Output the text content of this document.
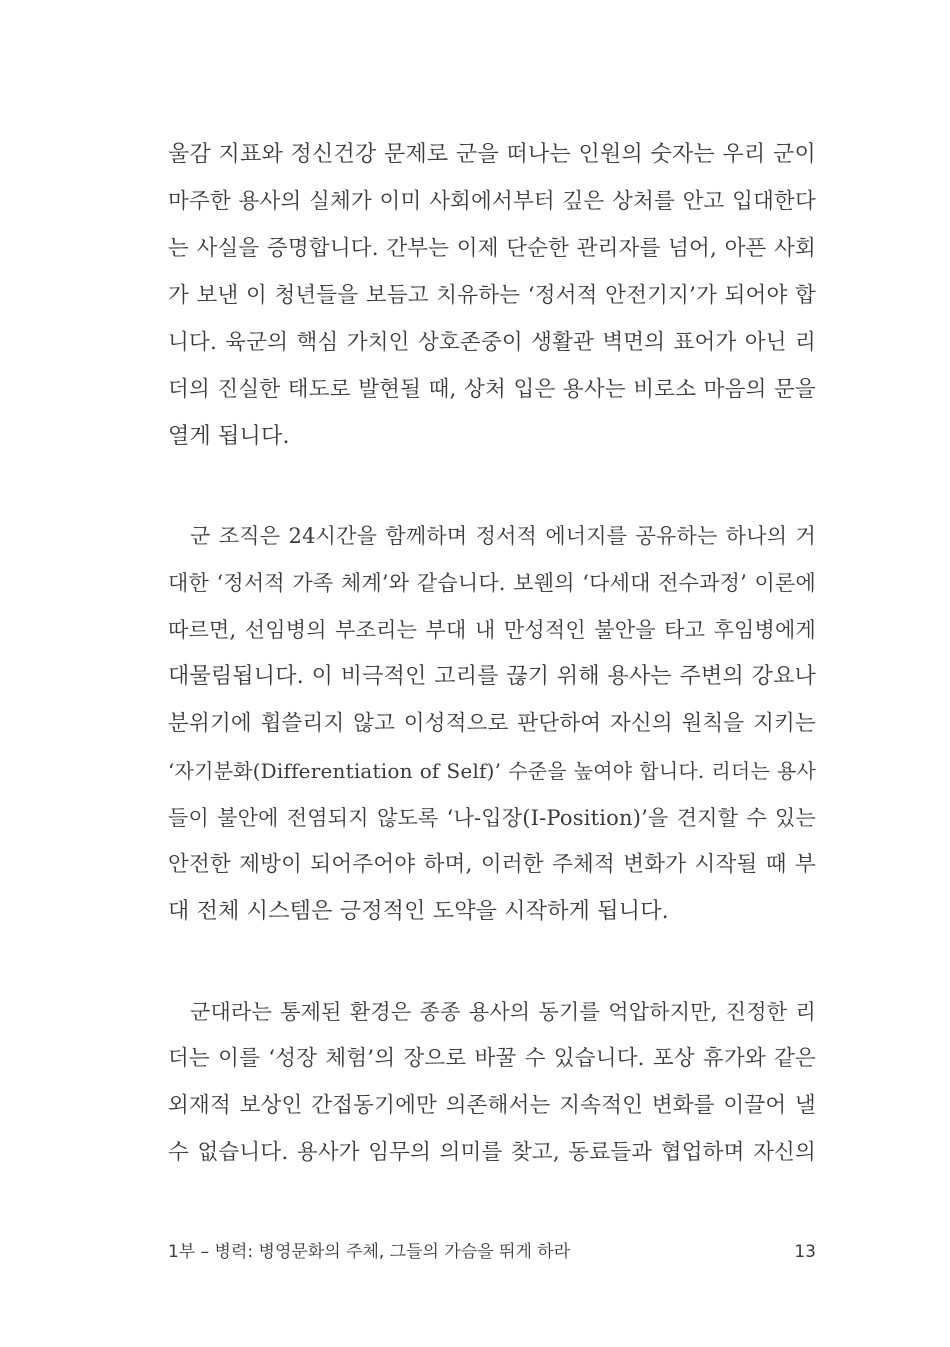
울감 지표와 정신건강 문제로 군을 떠나는 인원의 숫자는 우리 군이
마주한 용사의 실체가 이미 사회에서부터 깊은 상처를 안고 입대한다
는 사실을 증명합니다. 간부는 이제 단순한 관리자를 넘어, 아픈 사회
가 보낸 이 청년들을 보듬고 치유하는 ‘정서적 안전기지’가 되어야 합
니다. 육군의 핵심 가치인 상호존중이 생활관 벽면의 표어가 아닌 리
더의 진실한 태도로 발현될 때, 상처 입은 용사는 비로소 마음의 문을
열게 됩니다.
군 조직은 24시간을 함께하며 정서적 에너지를 공유하는 하나의 거
대한 ‘정서적 가족 체계’와 같습니다. 보웬의 ‘다세대 전수과정’ 이론에
따르면, 선임병의 부조리는 부대 내 만성적인 불안을 타고 후임병에게
대물림됩니다. 이 비극적인 고리를 끊기 위해 용사는 주변의 강요나
분위기에 휩쓸리지 않고 이성적으로 판단하여 자신의 원칙을 지키는
‘자기분화(Differentiation of Self)’ 수준을 높여야 합니다. 리더는 용사
들이 불안에 전염되지 않도록 ‘나-입장(I-Position)’을 견지할 수 있는
안전한 제방이 되어주어야 하며, 이러한 주체적 변화가 시작될 때 부
대 전체 시스템은 긍정적인 도약을 시작하게 됩니다.
군대라는 통제된 환경은 종종 용사의 동기를 억압하지만, 진정한 리
더는 이를 ‘성장 체험’의 장으로 바꿀 수 있습니다. 포상 휴가와 같은
외재적 보상인 간접동기에만 의존해서는 지속적인 변화를 이끌어 낼
수 없습니다. 용사가 임무의 의미를 찾고, 동료들과 협업하며 자신의
1부 – 병력: 병영문화의 주체, 그들의 가슴을 뛰게 하라	13
